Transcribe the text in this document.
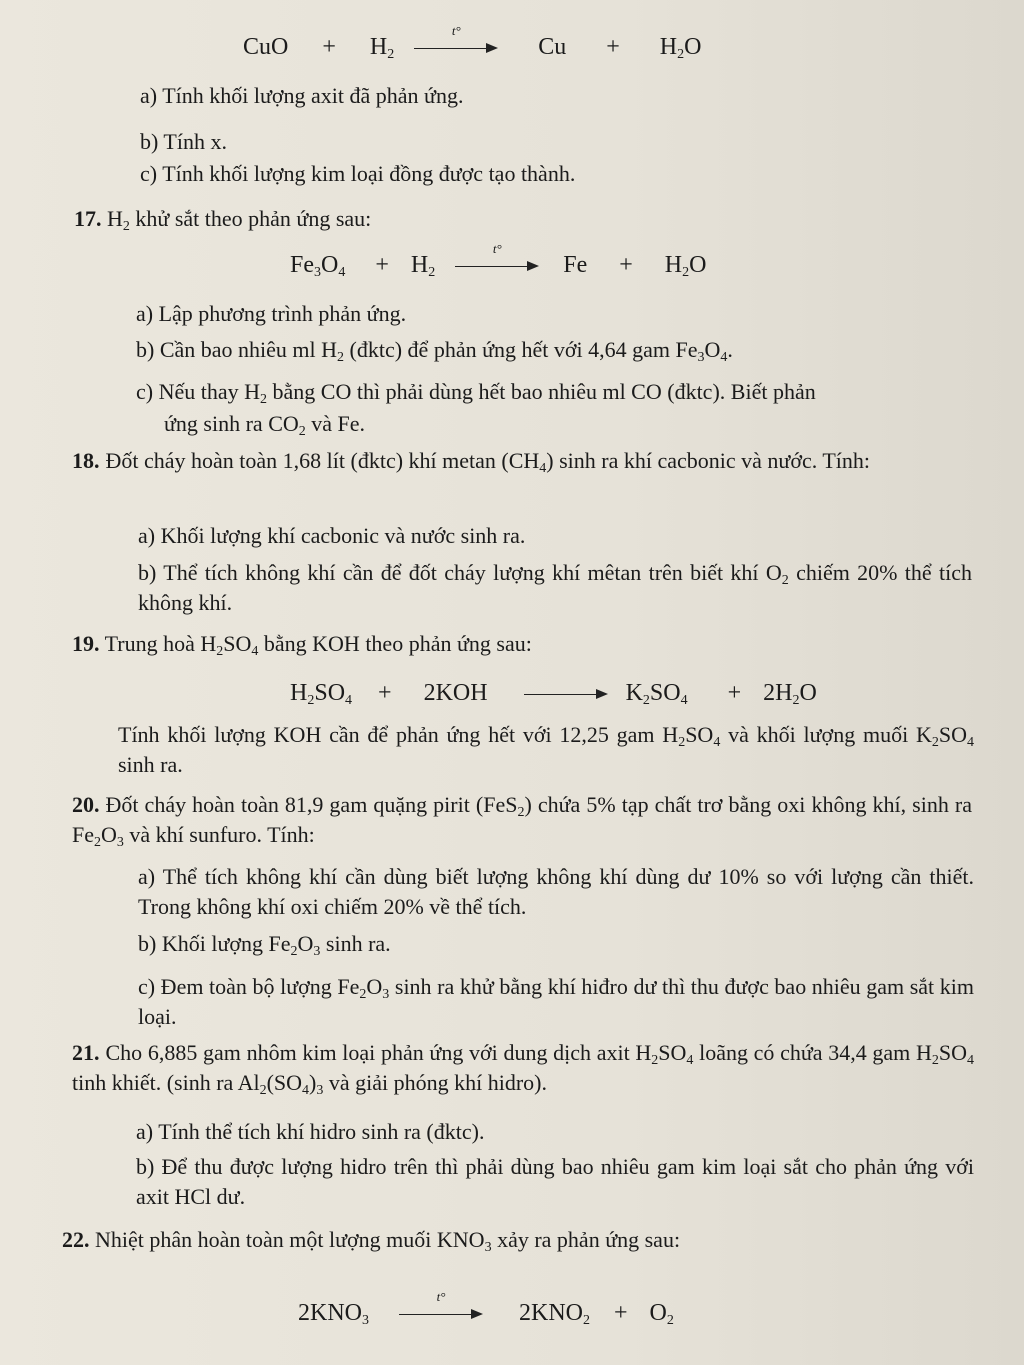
CuO + $H_2$
t°
$Cu + H_2O$
a) Tính khối lượng axit đã phản ứng.
b) Tính x.
c) Tính khối lượng kim loại đồng được tạo thành.
17. $H_2$ khử sắt theo phản ứng sau:
$Fe_3O_4 + H_2$
t°
$Fe + H_2O$
a) Lập phương trình phản ứng.
b) Cần bao nhiêu ml $H_2$ (đktc) để phản ứng hết với 4,64 gam $Fe_3O_4$.
c) Nếu thay $H_2$ bằng CO thì phải dùng hết bao nhiêu ml CO (đktc). Biết phản
ứng sinh ra $CO_2$ và Fe.
18. Đốt cháy hoàn toàn 1,68 lít (đktc) khí metan $(CH_4)$ sinh ra khí cacbonic và nước. Tính:
a) Khối lượng khí cacbonic và nước sinh ra.
b) Thể tích không khí cần để đốt cháy lượng khí mêtan trên biết khí $O_2$ chiếm 20% thể tích không khí.
19. Trung hoà $H_2SO_4$ bằng KOH theo phản ứng sau:
$H_2SO_4 + 2KOH$	$K_2SO_4 + 2H_2O$
Tính khối lượng KOH cần để phản ứng hết với 12,25 gam $H_2SO_4$ và khối lượng muối $K_2SO_4$ sinh ra.
20. Đốt cháy hoàn toàn 81,9 gam quặng pirit (FeS$_2$) chứa 5% tạp chất trơ bằng oxi không khí, sinh ra $Fe_2O_3$ và khí sunfuro. Tính:
a) Thể tích không khí cần dùng biết lượng không khí dùng dư 10% so với lượng cần thiết. Trong không khí oxi chiếm 20% về thể tích.
b) Khối lượng $Fe_2O_3$ sinh ra.
c) Đem toàn bộ lượng $Fe_2O_3$ sinh ra khử bằng khí hiđro dư thì thu được bao nhiêu gam sắt kim loại.
21. Cho 6,885 gam nhôm kim loại phản ứng với dung dịch axit $H_2SO_4$ loãng có chứa 34,4 gam $H_2SO_4$ tinh khiết. (sinh ra $Al_2(SO_4)_3$ và giải phóng khí hidro).
a) Tính thể tích khí hidro sinh ra (đktc).
b) Để thu được lượng hidro trên thì phải dùng bao nhiêu gam kim loại sắt cho phản ứng với axit HCl dư.
22. Nhiệt phân hoàn toàn một lượng muối $KNO_3$ xảy ra phản ứng sau:
$2KNO_3$
t°
$2KNO_2 + O_2$
